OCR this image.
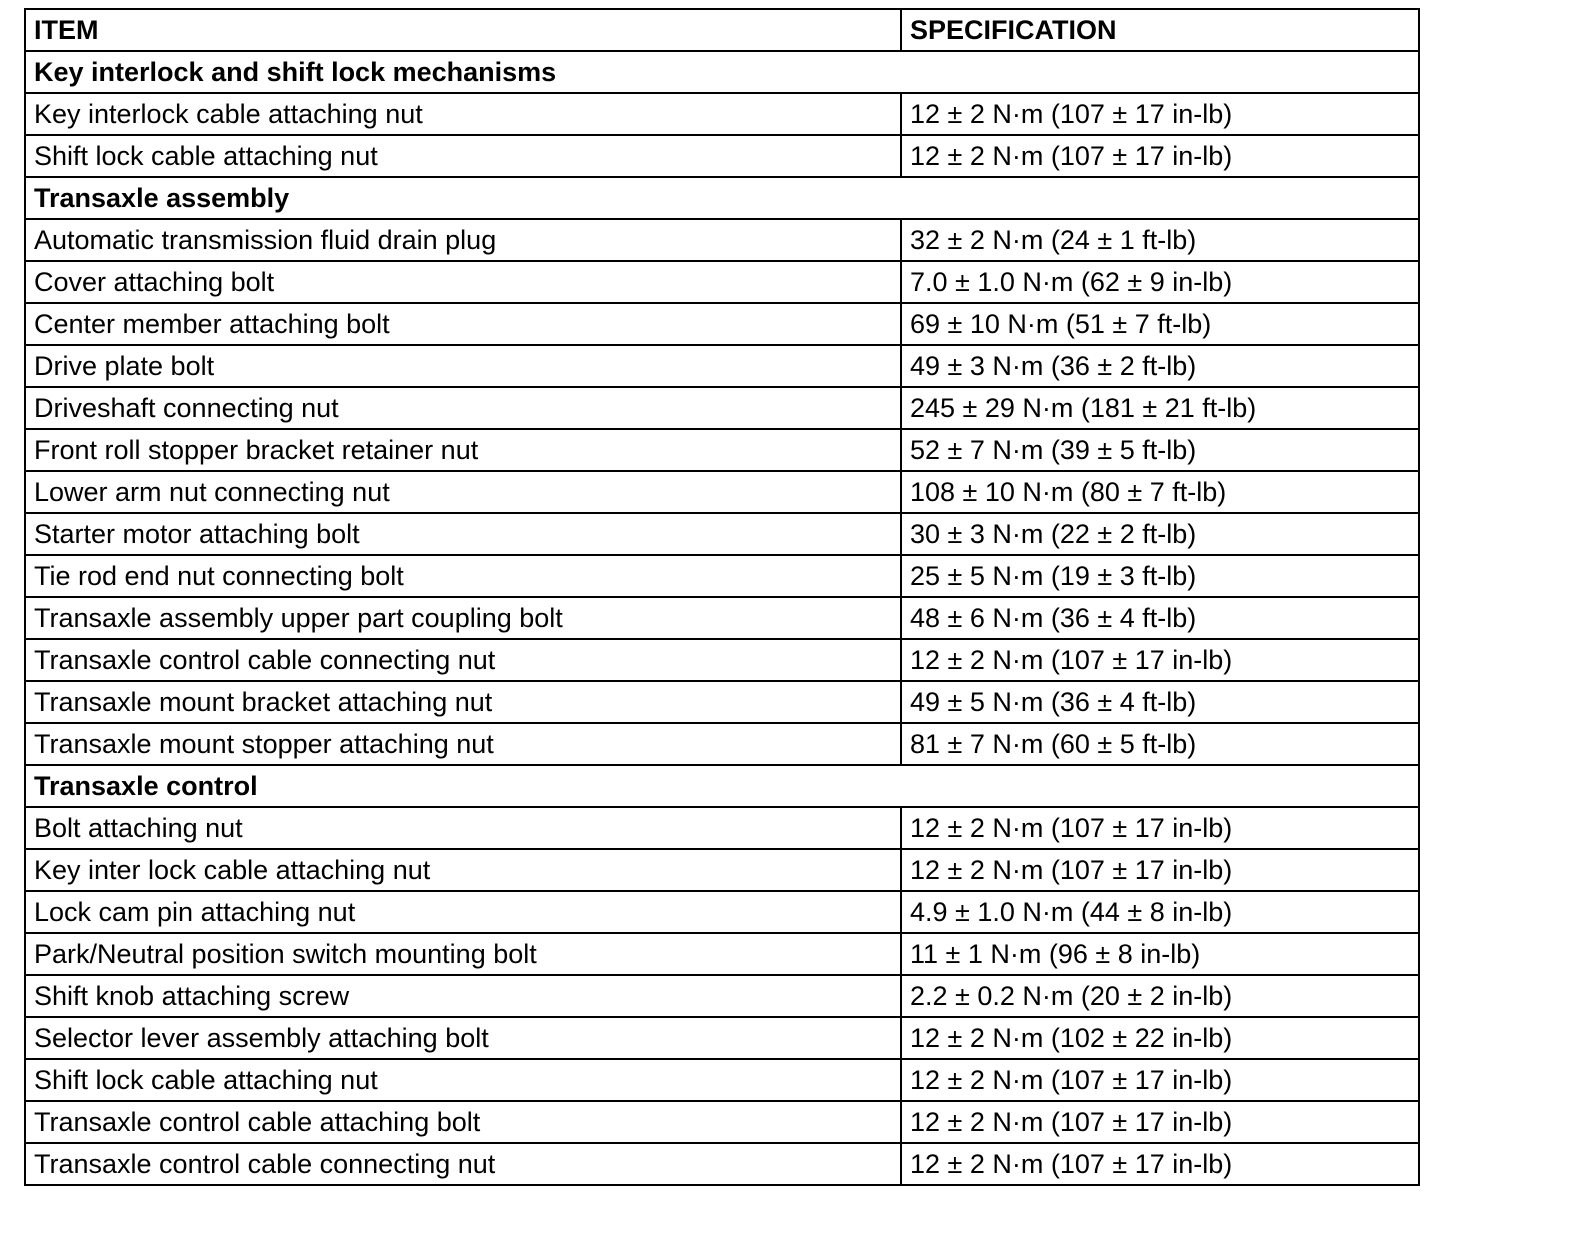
ITEM	SPECIFICATION
Key interlock and shift lock mechanisms	
Key interlock cable attaching nut	12 ± 2 N·m (107 ± 17 in-lb)
Shift lock cable attaching nut	12 ± 2 N·m (107 ± 17 in-lb)
Transaxle assembly	
Automatic transmission fluid drain plug	32 ± 2 N·m (24 ± 1 ft-lb)
Cover attaching bolt	7.0 ± 1.0 N·m (62 ± 9 in-lb)
Center member attaching bolt	69 ± 10 N·m (51 ± 7 ft-lb)
Drive plate bolt	49 ± 3 N·m (36 ± 2 ft-lb)
Driveshaft connecting nut	245 ± 29 N·m (181 ± 21 ft-lb)
Front roll stopper bracket retainer nut	52 ± 7 N·m (39 ± 5 ft-lb)
Lower arm nut connecting nut	108 ± 10 N·m (80 ± 7 ft-lb)
Starter motor attaching bolt	30 ± 3 N·m (22 ± 2 ft-lb)
Tie rod end nut connecting bolt	25 ± 5 N·m (19 ± 3 ft-lb)
Transaxle assembly upper part coupling bolt	48 ± 6 N·m (36 ± 4 ft-lb)
Transaxle control cable connecting nut	12 ± 2 N·m (107 ± 17 in-lb)
Transaxle mount bracket attaching nut	49 ± 5 N·m (36 ± 4 ft-lb)
Transaxle mount stopper attaching nut	81 ± 7 N·m (60 ± 5 ft-lb)
Transaxle control	
Bolt attaching nut	12 ± 2 N·m (107 ± 17 in-lb)
Key inter lock cable attaching nut	12 ± 2 N·m (107 ± 17 in-lb)
Lock cam pin attaching nut	4.9 ± 1.0 N·m (44 ± 8 in-lb)
Park/Neutral position switch mounting bolt	11 ± 1 N·m (96 ± 8 in-lb)
Shift knob attaching screw	2.2 ± 0.2 N·m (20 ± 2 in-lb)
Selector lever assembly attaching bolt	12 ± 2 N·m (102 ± 22 in-lb)
Shift lock cable attaching nut	12 ± 2 N·m (107 ± 17 in-lb)
Transaxle control cable attaching bolt	12 ± 2 N·m (107 ± 17 in-lb)
Transaxle control cable connecting nut	12 ± 2 N·m (107 ± 17 in-lb)
